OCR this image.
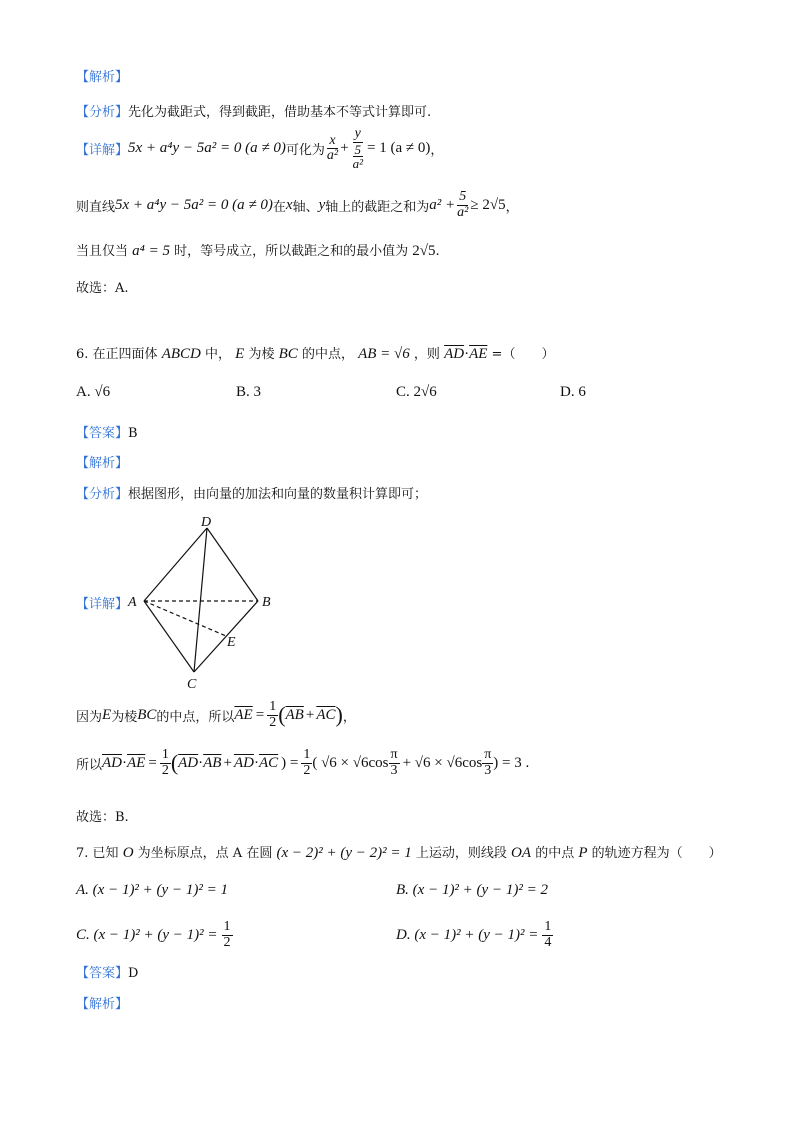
【解析】
【分析】先化为截距式，得到截距，借助基本不等式计算即可.
【详解】 5x + a⁴y − 5a² = 0 (a ≠ 0) 可化为 $\frac{x}{\text{a²}} + \frac{y}{\frac{5}{\text{a²}}} = 1$ (a ≠ 0) ，
则直线 5x + a⁴y − 5a² = 0 (a ≠ 0) 在 x 轴、 y 轴上的截距之和为 $a^2 + \frac{5}{\text{a²}} \ge 2√5$ ，
当且仅当 a⁴ = 5 时，等号成立，所以截距之和的最小值为 2√5.
故选：A.
6. 在正四面体 ABCD 中， E 为棱 BC 的中点， AB = √6 ，则 $\overline{AD}\cdot\overline{AE}$ =（　　）
A. √6	B. 3	C. 2√6	D. 6
【答案】B
【解析】
【分析】根据图形，由向量的加法和向量的数量积计算即可；
【详解】
D
A	B
E
C
因为 E 为棱 BC 的中点，所以 $\overline{AE} = \frac{1}{2}$ ( $\overline{AB} + \overline{AC}$ ) ，
所以 $\overline{AD} \cdot \overline{AE} = \frac{1}{2}$ ( $\overline{AD} \cdot \overline{AB} + \overline{AD} \cdot \overline{AC}$ ) = $\frac{1}{2}$ ( $√6 \times √6\cos \frac{\pi}{3} + √6 \times √6\cos \frac{\pi}{3}$ ) = 3 .
故选：B.
7. 已知 O 为坐标原点，点 A 在圆 (x − 2)² + (y − 2)² = 1 上运动，则线段 OA 的中点 P 的轨迹方程为（　　）
A. (x − 1)² + (y − 1)² = 1	B. (x − 1)² + (y − 1)² = 2
C. $(x - 1)^2 + (y - 1)^2 = \frac{1}{2}$	D. $(x - 1)^2 + (y - 1)^2 = \frac{1}{4}$
【答案】D
【解析】
